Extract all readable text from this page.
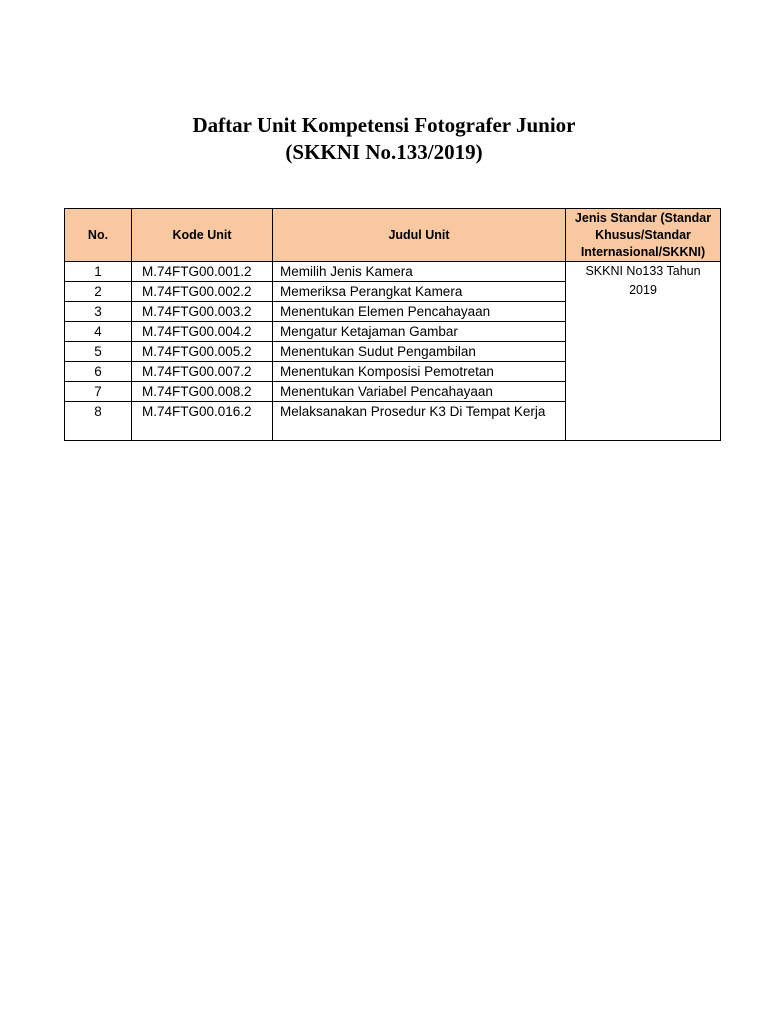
Daftar Unit Kompetensi Fotografer Junior
(SKKNI No.133/2019)
No.	Kode Unit	Judul Unit	Jenis Standar (Standar Khusus/Standar Internasional/SKKNI)
1	M.74FTG00.001.2	Memilih Jenis Kamera	SKKNI No133 Tahun 2019
2	M.74FTG00.002.2	Memeriksa Perangkat Kamera	
3	M.74FTG00.003.2	Menentukan Elemen Pencahayaan	
4	M.74FTG00.004.2	Mengatur Ketajaman Gambar	
5	M.74FTG00.005.2	Menentukan Sudut Pengambilan	
6	M.74FTG00.007.2	Menentukan Komposisi Pemotretan	
7	M.74FTG00.008.2	Menentukan Variabel Pencahayaan	
8	M.74FTG00.016.2	Melaksanakan Prosedur K3 Di Tempat Kerja	
